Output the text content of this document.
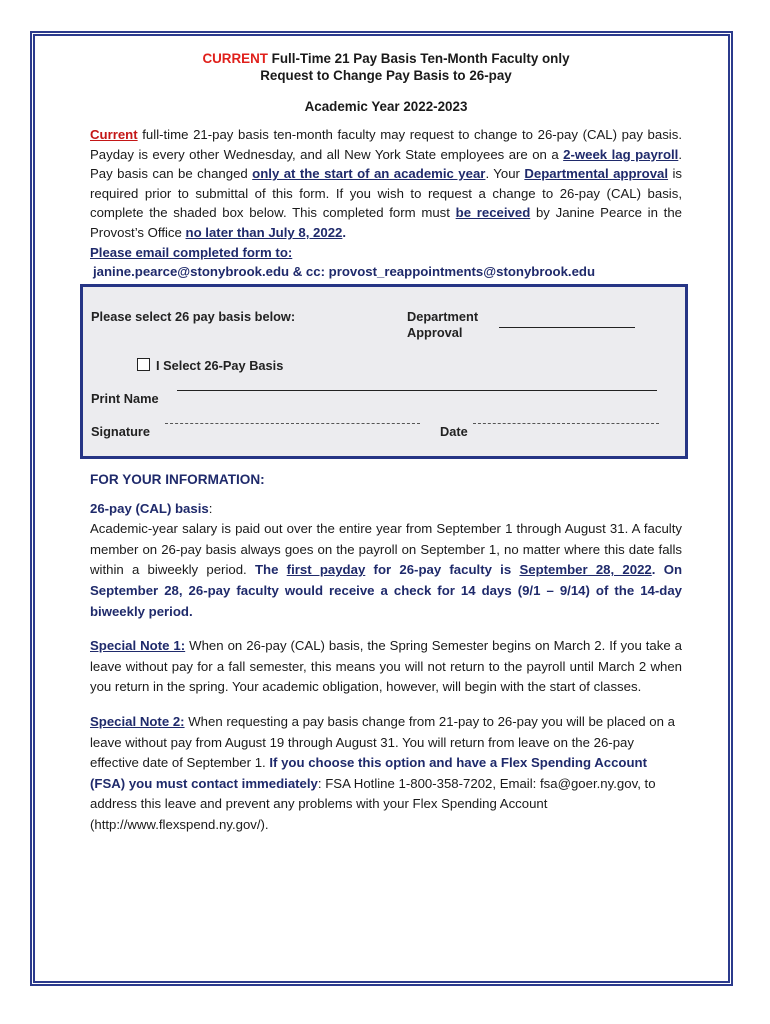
CURRENT Full-Time 21 Pay Basis Ten-Month Faculty only
Request to Change Pay Basis to 26-pay

Academic Year 2022-2023
Current full-time 21-pay basis ten-month faculty may request to change to 26-pay (CAL) pay basis. Payday is every other Wednesday, and all New York State employees are on a 2-week lag payroll. Pay basis can be changed only at the start of an academic year. Your Departmental approval is required prior to submittal of this form. If you wish to request a change to 26-pay (CAL) basis, complete the shaded box below. This completed form must be received by Janine Pearce in the Provost’s Office no later than July 8, 2022.
Please email completed form to:
janine.pearce@stonybrook.edu & cc: provost_reappointments@stonybrook.edu
Please select 26 pay basis below:	Department
Approval
I Select 26-Pay Basis
Print Name
Signature	Date
FOR YOUR INFORMATION:

26-pay (CAL) basis:
Academic-year salary is paid out over the entire year from September 1 through August 31. A faculty member on 26-pay basis always goes on the payroll on September 1, no matter where this date falls within a biweekly period. The first payday for 26-pay faculty is September 28, 2022. On September 28, 26-pay faculty would receive a check for 14 days (9/1 – 9/14) of the 14-day biweekly period.

Special Note 1: When on 26-pay (CAL) basis, the Spring Semester begins on March 2. If you take a leave without pay for a fall semester, this means you will not return to the payroll until March 2 when you return in the spring. Your academic obligation, however, will begin with the start of classes.

Special Note 2: When requesting a pay basis change from 21-pay to 26-pay you will be placed on a leave without pay from August 19 through August 31. You will return from leave on the 26-pay effective date of September 1. If you choose this option and have a Flex Spending Account (FSA) you must contact immediately: FSA Hotline 1-800-358-7202, Email: fsa@goer.ny.gov, to address this leave and prevent any problems with your Flex Spending Account (http://www.flexspend.ny.gov/).
